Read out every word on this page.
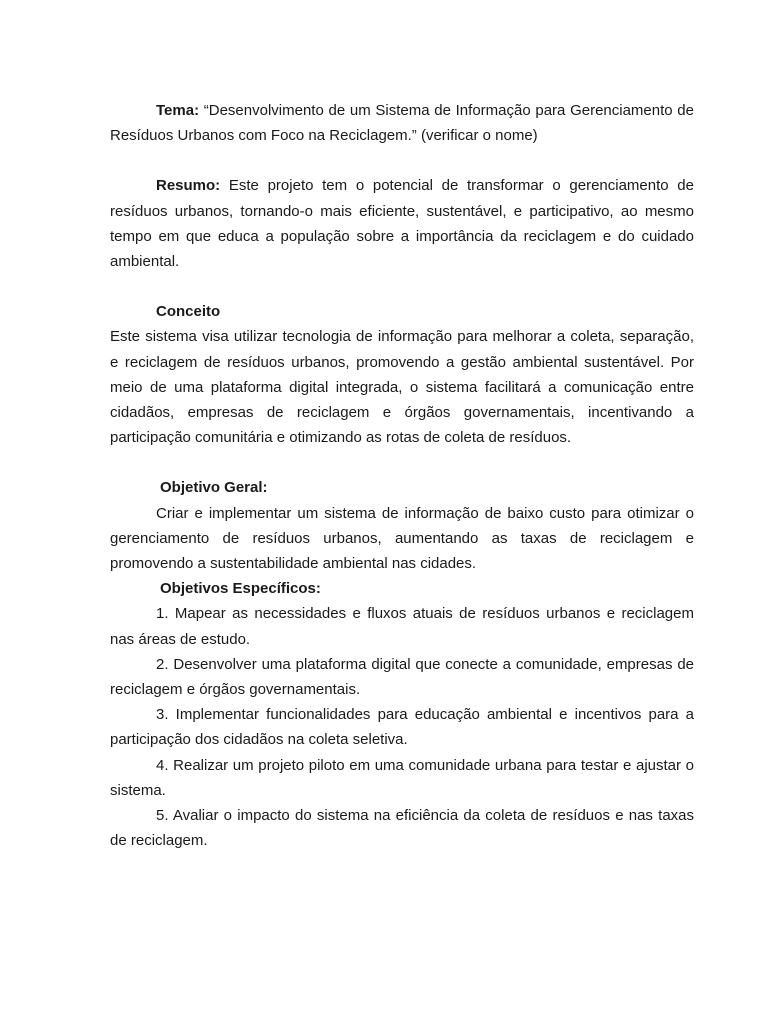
Tema: “Desenvolvimento de um Sistema de Informação para Gerenciamento de Resíduos Urbanos com Foco na Reciclagem.” (verificar o nome)

Resumo: Este projeto tem o potencial de transformar o gerenciamento de resíduos urbanos, tornando-o mais eficiente, sustentável, e participativo, ao mesmo tempo em que educa a população sobre a importância da reciclagem e do cuidado ambiental.

Conceito

Este sistema visa utilizar tecnologia de informação para melhorar a coleta, separação, e reciclagem de resíduos urbanos, promovendo a gestão ambiental sustentável. Por meio de uma plataforma digital integrada, o sistema facilitará a comunicação entre cidadãos, empresas de reciclagem e órgãos governamentais, incentivando a participação comunitária e otimizando as rotas de coleta de resíduos.

Objetivo Geral:

Criar e implementar um sistema de informação de baixo custo para otimizar o gerenciamento de resíduos urbanos, aumentando as taxas de reciclagem e promovendo a sustentabilidade ambiental nas cidades.

Objetivos Específicos:

1. Mapear as necessidades e fluxos atuais de resíduos urbanos e reciclagem nas áreas de estudo.

2. Desenvolver uma plataforma digital que conecte a comunidade, empresas de reciclagem e órgãos governamentais.

3. Implementar funcionalidades para educação ambiental e incentivos para a participação dos cidadãos na coleta seletiva.

4. Realizar um projeto piloto em uma comunidade urbana para testar e ajustar o sistema.

5. Avaliar o impacto do sistema na eficiência da coleta de resíduos e nas taxas de reciclagem.
